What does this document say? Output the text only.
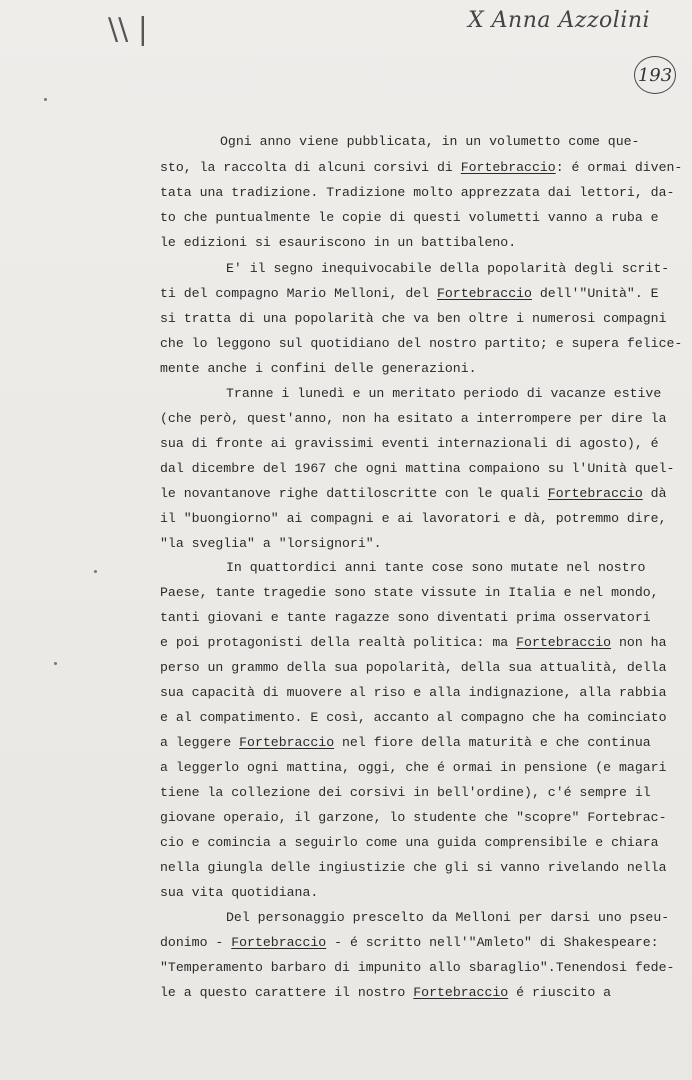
\\ |	X Anna Azzolini
193
Ogni anno viene pubblicata, in un volumetto come que-
sto, la raccolta di alcuni corsivi di Fortebraccio: é ormai diven-
tata una tradizione. Tradizione molto apprezzata dai lettori, da-
to che puntualmente le copie di questi volumetti vanno a ruba e
le edizioni si esauriscono in un battibaleno.
E' il segno inequivocabile della popolarità degli scrit-
ti del compagno Mario Melloni, del Fortebraccio dell'"Unità". E
si tratta di una popolarità che va ben oltre i numerosi compagni
che lo leggono sul quotidiano del nostro partito; e supera felice-
mente anche i confini delle generazioni.
Tranne i lunedì e un meritato periodo di vacanze estive
(che però, quest'anno, non ha esitato a interrompere per dire la
sua di fronte ai gravissimi eventi internazionali di agosto), é
dal dicembre del 1967 che ogni mattina compaiono su l'Unità quel-
le novantanove righe dattiloscritte con le quali Fortebraccio dà
il "buongiorno" ai compagni e ai lavoratori e dà, potremmo dire,
"la sveglia" a "lorsignori".
In quattordici anni tante cose sono mutate nel nostro
Paese, tante tragedie sono state vissute in Italia e nel mondo,
tanti giovani e tante ragazze sono diventati prima osservatori
e poi protagonisti della realtà politica: ma Fortebraccio non ha
perso un grammo della sua popolarità, della sua attualità, della
sua capacità di muovere al riso e alla indignazione, alla rabbia
e al compatimento. E così, accanto al compagno che ha cominciato
a leggere Fortebraccio nel fiore della maturità e che continua
a leggerlo ogni mattina, oggi, che é ormai in pensione (e magari
tiene la collezione dei corsivi in bell'ordine), c'é sempre il
giovane operaio, il garzone, lo studente che "scopre" Fortebrac-
cio e comincia a seguirlo come una guida comprensibile e chiara
nella giungla delle ingiustizie che gli si vanno rivelando nella
sua vita quotidiana.
Del personaggio prescelto da Melloni per darsi uno pseu-
donimo - Fortebraccio - é scritto nell'"Amleto" di Shakespeare:
"Temperamento barbaro di impunito allo sbaraglio".Tenendosi fede-
le a questo carattere il nostro Fortebraccio é riuscito a
